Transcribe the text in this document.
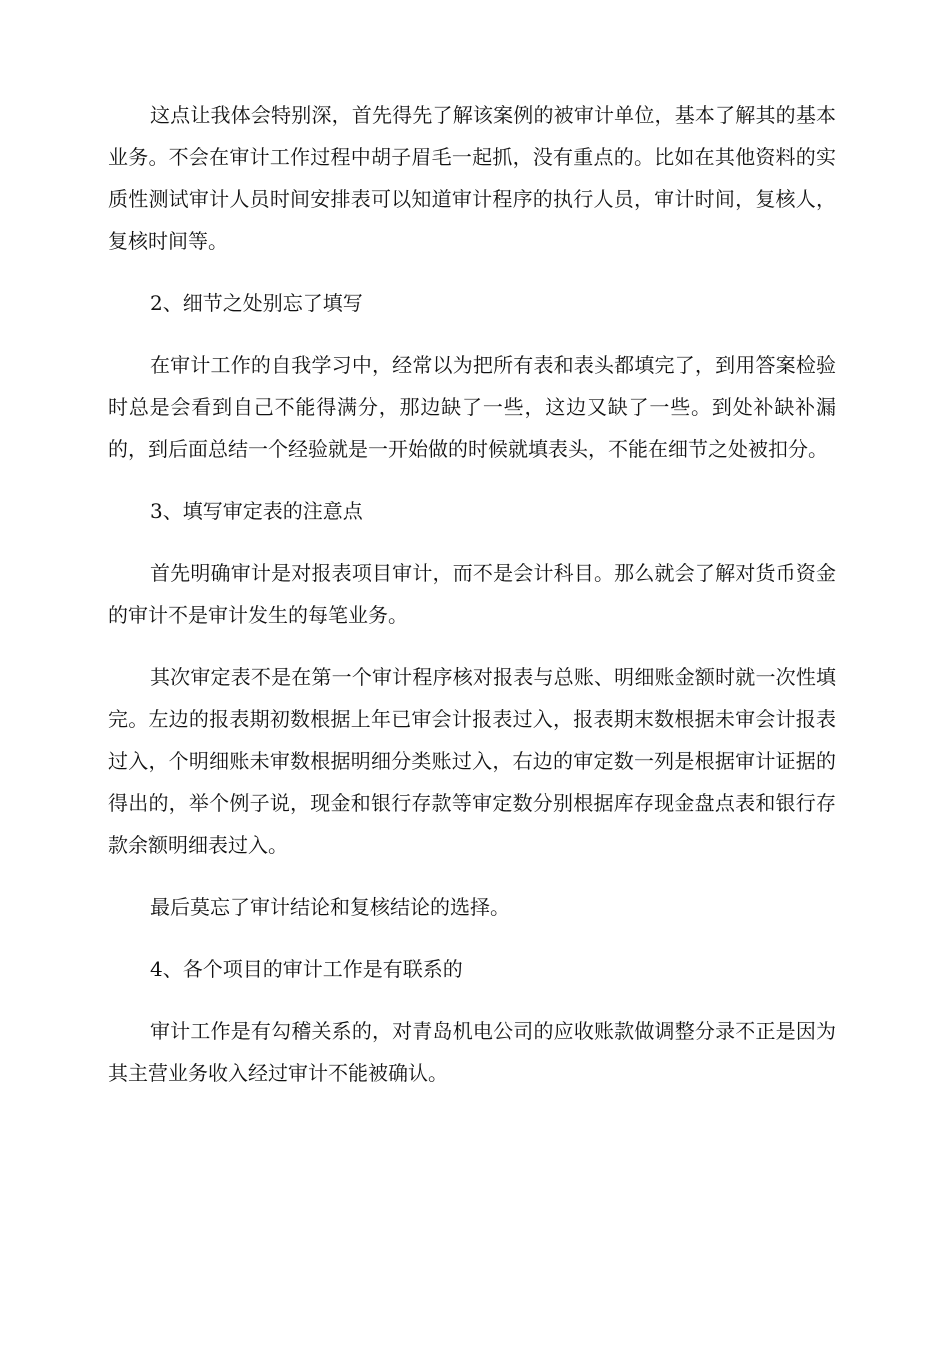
这点让我体会特别深，首先得先了解该案例的被审计单位，基本了解其的基本业务。不会在审计工作过程中胡子眉毛一起抓，没有重点的。比如在其他资料的实质性测试审计人员时间安排表可以知道审计程序的执行人员，审计时间，复核人，复核时间等。

2、细节之处别忘了填写

在审计工作的自我学习中，经常以为把所有表和表头都填完了，到用答案检验时总是会看到自己不能得满分，那边缺了一些，这边又缺了一些。到处补缺补漏的，到后面总结一个经验就是一开始做的时候就填表头，不能在细节之处被扣分。

3、填写审定表的注意点

首先明确审计是对报表项目审计，而不是会计科目。那么就会了解对货币资金的审计不是审计发生的每笔业务。

其次审定表不是在第一个审计程序核对报表与总账、明细账金额时就一次性填完。左边的报表期初数根据上年已审会计报表过入，报表期末数根据未审会计报表过入，个明细账未审数根据明细分类账过入，右边的审定数一列是根据审计证据的得出的，举个例子说，现金和银行存款等审定数分别根据库存现金盘点表和银行存款余额明细表过入。

最后莫忘了审计结论和复核结论的选择。

4、各个项目的审计工作是有联系的

审计工作是有勾稽关系的，对青岛机电公司的应收账款做调整分录不正是因为其主营业务收入经过审计不能被确认。
